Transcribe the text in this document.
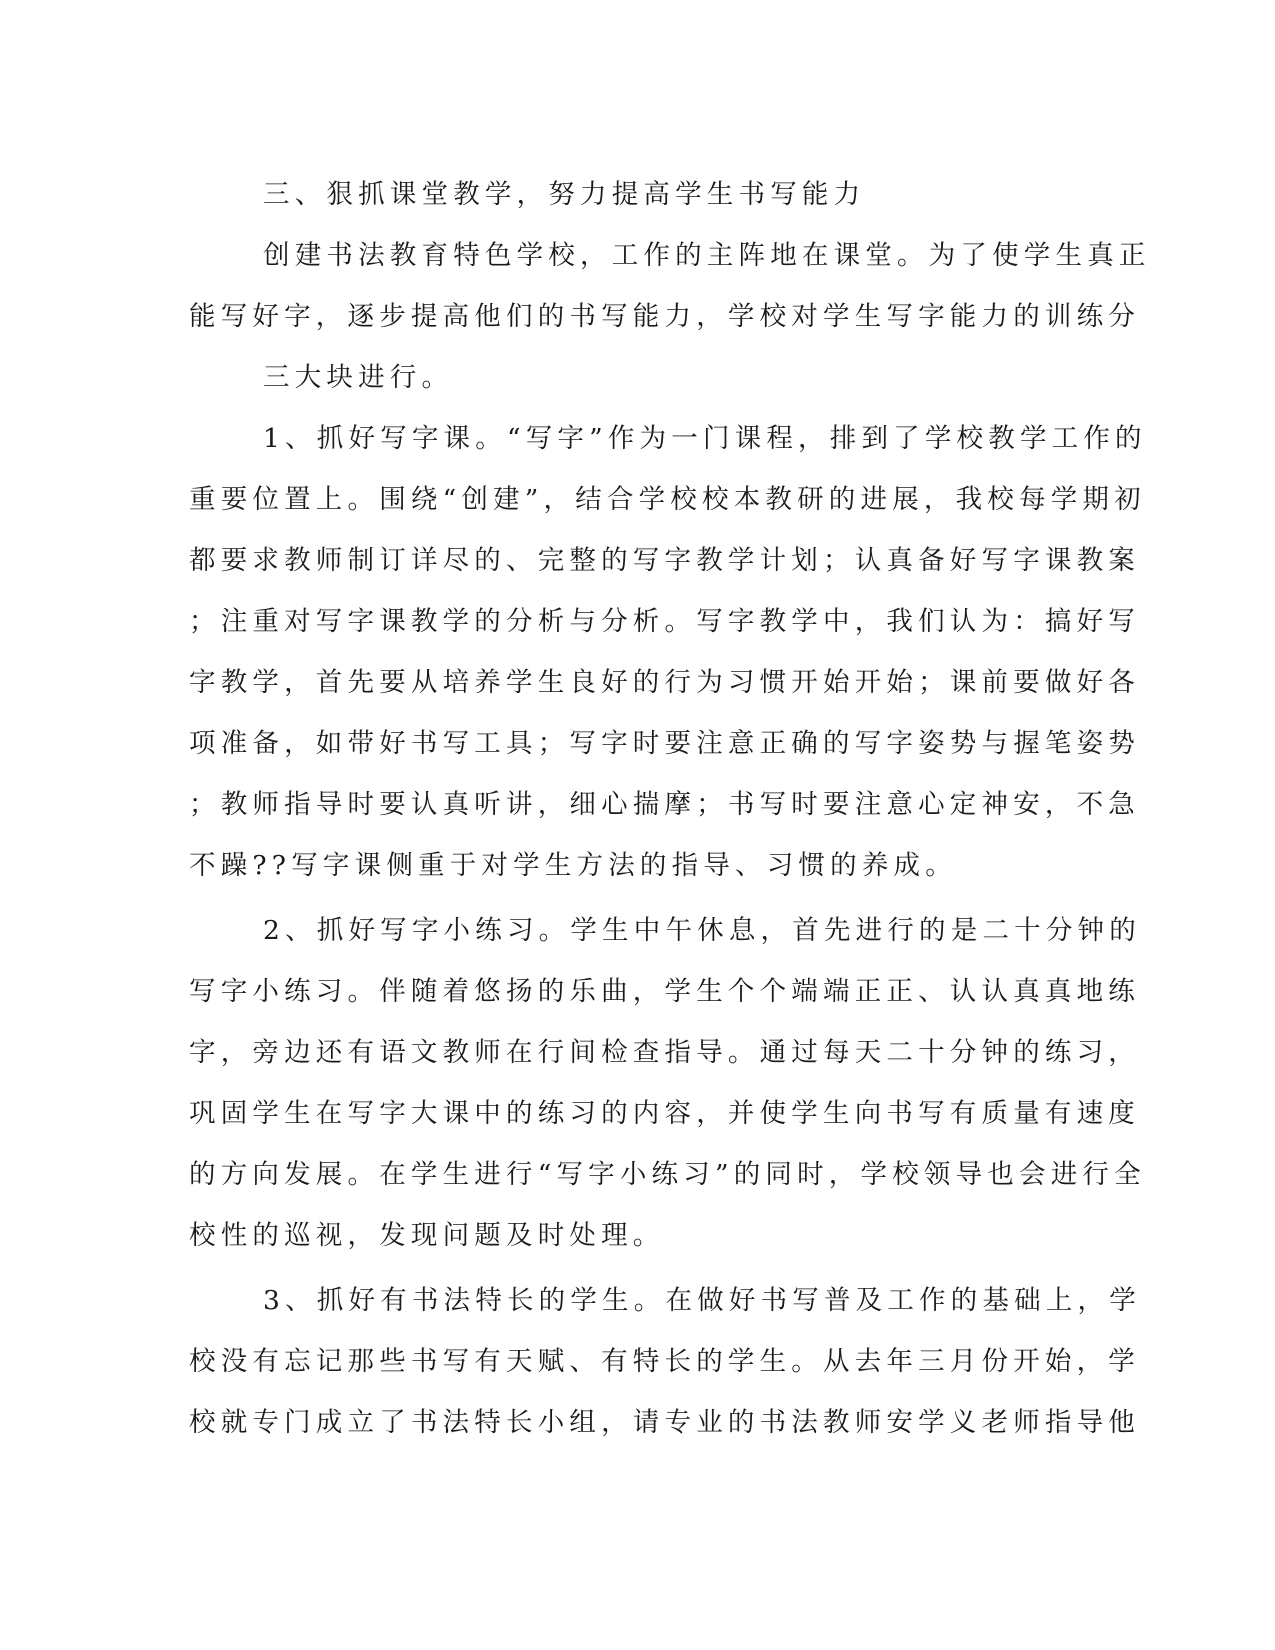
三、狠抓课堂教学，努力提高学生书写能力
创建书法教育特色学校，工作的主阵地在课堂。为了使学生真正
能写好字，逐步提高他们的书写能力，学校对学生写字能力的训练分
三大块进行。
1、抓好写字课。“写字”作为一门课程，排到了学校教学工作的
重要位置上。围绕“创建”，结合学校校本教研的进展，我校每学期初
都要求教师制订详尽的、完整的写字教学计划；认真备好写字课教案
；注重对写字课教学的分析与分析。写字教学中，我们认为：搞好写
字教学，首先要从培养学生良好的行为习惯开始开始；课前要做好各
项准备，如带好书写工具；写字时要注意正确的写字姿势与握笔姿势
；教师指导时要认真听讲，细心揣摩；书写时要注意心定神安，不急
不躁??写字课侧重于对学生方法的指导、习惯的养成。
2、抓好写字小练习。学生中午休息，首先进行的是二十分钟的
写字小练习。伴随着悠扬的乐曲，学生个个端端正正、认认真真地练
字，旁边还有语文教师在行间检查指导。通过每天二十分钟的练习，
巩固学生在写字大课中的练习的内容，并使学生向书写有质量有速度
的方向发展。在学生进行“写字小练习”的同时，学校领导也会进行全
校性的巡视，发现问题及时处理。
3、抓好有书法特长的学生。在做好书写普及工作的基础上，学
校没有忘记那些书写有天赋、有特长的学生。从去年三月份开始，学
校就专门成立了书法特长小组，请专业的书法教师安学义老师指导他
